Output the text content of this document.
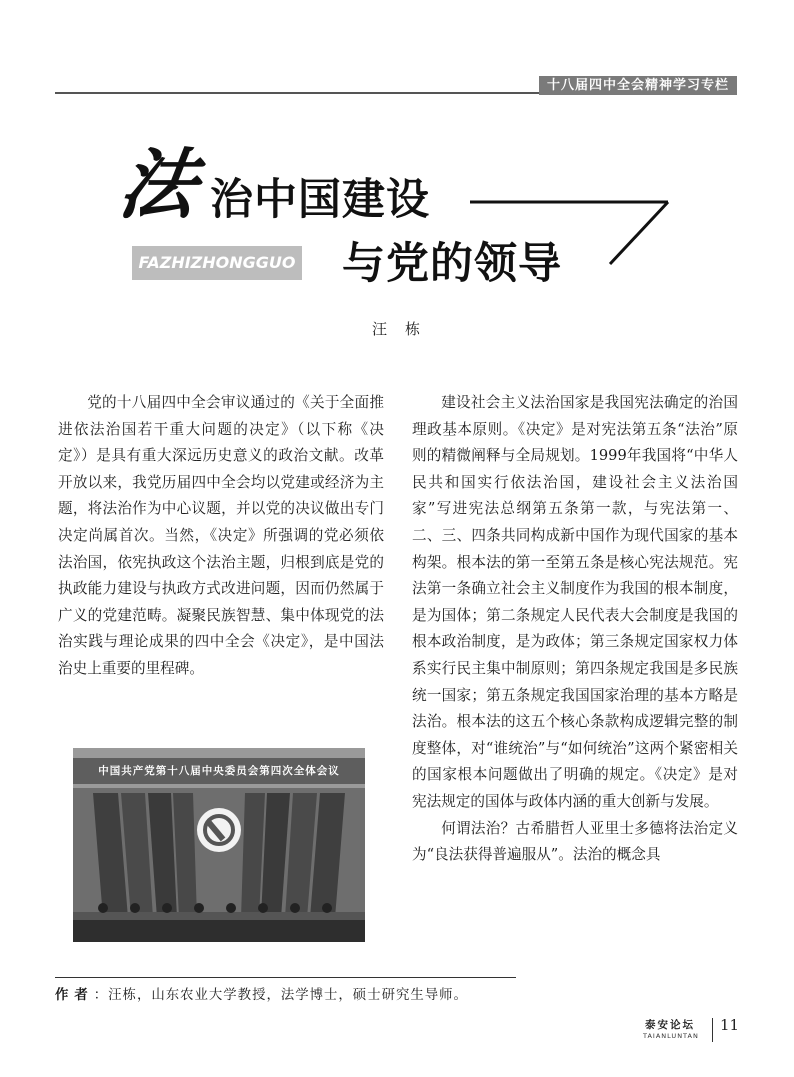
十八届四中全会精神学习专栏
法 治中国建设
FAZHIZHONGGUO 与党的领导
汪栋

党的十八届四中全会审议通过的《关于全面推进依法治国若干重大问题的决定》（以下称《决定》）是具有重大深远历史意义的政治文献。改革开放以来，我党历届四中全会均以党建或经济为主题，将法治作为中心议题，并以党的决议做出专门决定尚属首次。当然，《决定》所强调的党必须依法治国，依宪执政这个法治主题，归根到底是党的执政能力建设与执政方式改进问题，因而仍然属于广义的党建范畴。凝聚民族智慧、集中体现党的法治实践与理论成果的四中全会《决定》，是中国法治史上重要的里程碑。

中国共产党第十八届中央委员会第四次全体会议

建设社会主义法治国家是我国宪法确定的治国理政基本原则。《决定》是对宪法第五条“法治”原则的精微阐释与全局规划。1999年我国将“中华人民共和国实行依法治国，建设社会主义法治国家”写进宪法总纲第五条第一款，与宪法第一、二、三、四条共同构成新中国作为现代国家的基本构架。根本法的第一至第五条是核心宪法规范。宪法第一条确立社会主义制度作为我国的根本制度，是为国体；第二条规定人民代表大会制度是我国的根本政治制度，是为政体；第三条规定国家权力体系实行民主集中制原则；第四条规定我国是多民族统一国家；第五条规定我国国家治理的基本方略是法治。根本法的这五个核心条款构成逻辑完整的制度整体，对“谁统治”与“如何统治”这两个紧密相关的国家根本问题做出了明确的规定。《决定》是对宪法规定的国体与政体内涵的重大创新与发展。

何谓法治？古希腊哲人亚里士多德将法治定义为“良法获得普遍服从”。法治的概念具

作者：汪栋，山东农业大学教授，法学博士，硕士研究生导师。
泰安论坛
TAIANLUNTAN
11
